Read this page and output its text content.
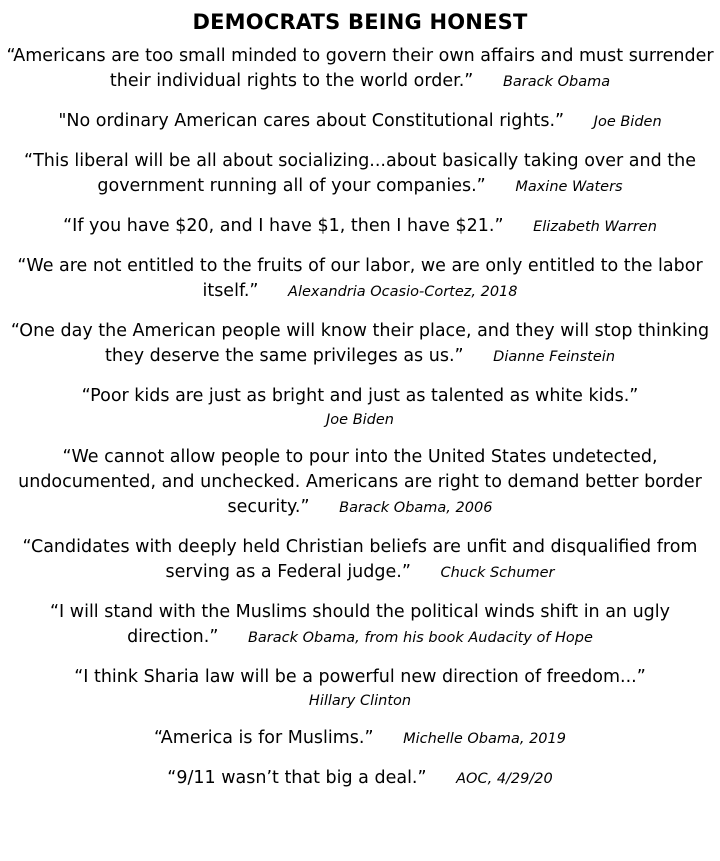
DEMOCRATS BEING HONEST
“Americans are too small minded to govern their own affairs and must surrender their individual rights to the world order.” Barack Obama
"No ordinary American cares about Constitutional rights.” Joe Biden
“This liberal will be all about socializing...about basically taking over and the government running all of your companies.” Maxine Waters
“If you have $20, and I have $1, then I have $21.” Elizabeth Warren
“We are not entitled to the fruits of our labor, we are only entitled to the labor itself.” Alexandria Ocasio-Cortez, 2018
“One day the American people will know their place, and they will stop thinking they deserve the same privileges as us.” Dianne Feinstein
“Poor kids are just as bright and just as talented as white kids.”
Joe Biden
“We cannot allow people to pour into the United States undetected, undocumented, and unchecked. Americans are right to demand better border security.” Barack Obama, 2006
“Candidates with deeply held Christian beliefs are unfit and disqualified from serving as a Federal judge.” Chuck Schumer
“I will stand with the Muslims should the political winds shift in an ugly direction.” Barack Obama, from his book Audacity of Hope
“I think Sharia law will be a powerful new direction of freedom...”
Hillary Clinton
“America is for Muslims.” Michelle Obama, 2019
“9/11 wasn’t that big a deal.” AOC, 4/29/20
